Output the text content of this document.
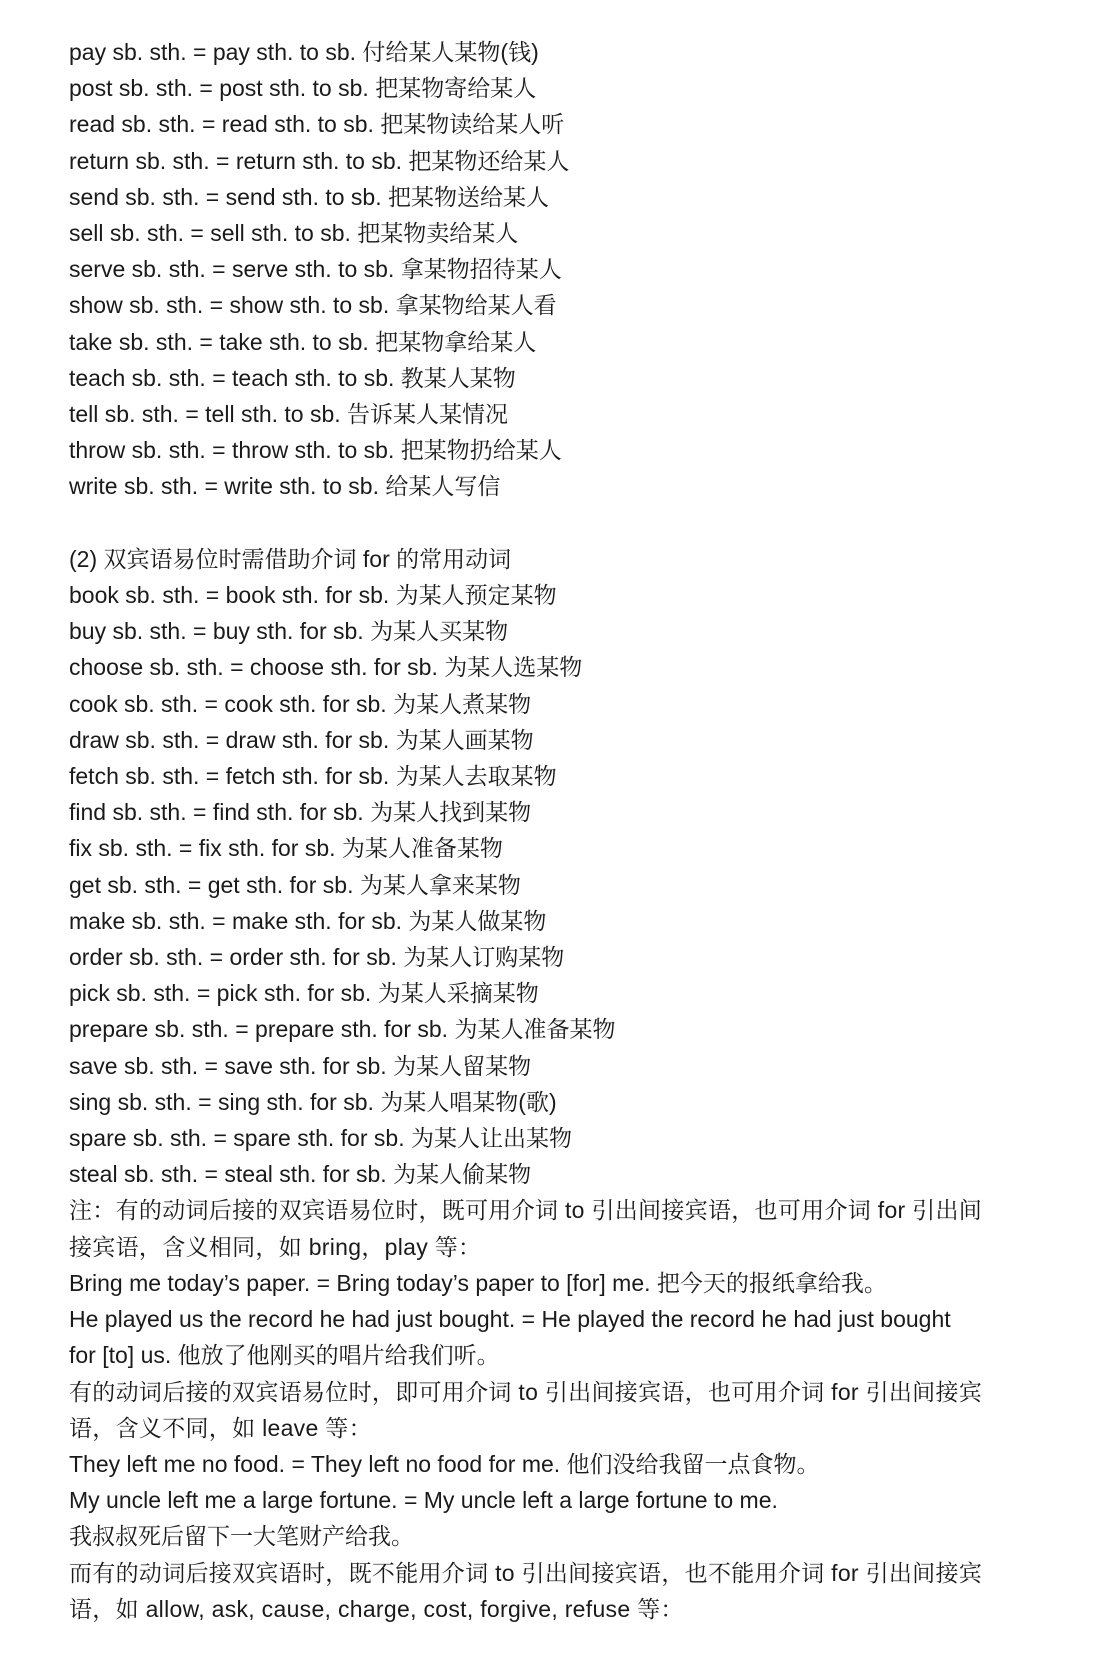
pay sb. sth. = pay sth. to sb. 付给某人某物(钱)
post sb. sth. = post sth. to sb. 把某物寄给某人
read sb. sth. = read sth. to sb. 把某物读给某人听
return sb. sth. = return sth. to sb. 把某物还给某人
send sb. sth. = send sth. to sb. 把某物送给某人
sell sb. sth. = sell sth. to sb. 把某物卖给某人
serve sb. sth. = serve sth. to sb. 拿某物招待某人
show sb. sth. = show sth. to sb. 拿某物给某人看
take sb. sth. = take sth. to sb. 把某物拿给某人
teach sb. sth. = teach sth. to sb. 教某人某物
tell sb. sth. = tell sth. to sb. 告诉某人某情况
throw sb. sth. = throw sth. to sb. 把某物扔给某人
write sb. sth. = write sth. to sb. 给某人写信
(2) 双宾语易位时需借助介词 for 的常用动词
book sb. sth. = book sth. for sb. 为某人预定某物
buy sb. sth. = buy sth. for sb. 为某人买某物
choose sb. sth. = choose sth. for sb. 为某人选某物
cook sb. sth. = cook sth. for sb. 为某人煮某物
draw sb. sth. = draw sth. for sb. 为某人画某物
fetch sb. sth. = fetch sth. for sb. 为某人去取某物
find sb. sth. = find sth. for sb. 为某人找到某物
fix sb. sth. = fix sth. for sb. 为某人准备某物
get sb. sth. = get sth. for sb. 为某人拿来某物
make sb. sth. = make sth. for sb. 为某人做某物
order sb. sth. = order sth. for sb. 为某人订购某物
pick sb. sth. = pick sth. for sb. 为某人采摘某物
prepare sb. sth. = prepare sth. for sb. 为某人准备某物
save sb. sth. = save sth. for sb. 为某人留某物
sing sb. sth. = sing sth. for sb. 为某人唱某物(歌)
spare sb. sth. = spare sth. for sb. 为某人让出某物
steal sb. sth. = steal sth. for sb. 为某人偷某物
注：有的动词后接的双宾语易位时，既可用介词 to 引出间接宾语，也可用介词 for 引出间
接宾语，含义相同，如 bring，play 等：
Bring me today’s paper. = Bring today’s paper to [for] me. 把今天的报纸拿给我。
He played us the record he had just bought. = He played the record he had just bought
for [to] us. 他放了他刚买的唱片给我们听。
有的动词后接的双宾语易位时，即可用介词 to 引出间接宾语，也可用介词 for 引出间接宾
语，含义不同，如 leave 等：
They left me no food. = They left no food for me. 他们没给我留一点食物。
My uncle left me a large fortune. = My uncle left a large fortune to me.
我叔叔死后留下一大笔财产给我。
而有的动词后接双宾语时，既不能用介词 to 引出间接宾语，也不能用介词 for 引出间接宾
语，如 allow, ask, cause, charge, cost, forgive, refuse 等：
